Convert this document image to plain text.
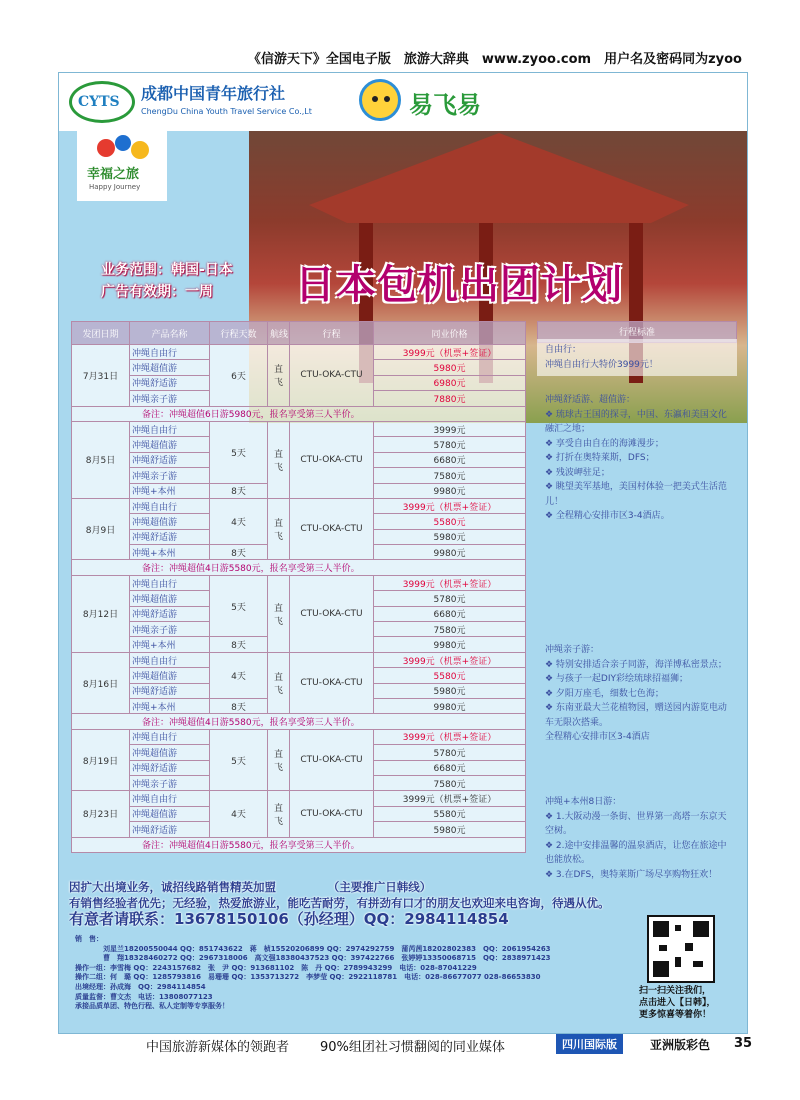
《信游天下》全国电子版　旅游大辞典　www.zyoo.com　用户名及密码同为zyoo
CYTS 成都中国青年旅行社
ChengDu China Youth Travel Service Co.,Lt	易飞易
幸福之旅
Happy Journey
业务范围：韩国-日本
广告有效期：一周	日本包机出团计划
发团日期	产品名称	行程天数	航线	行程	同业价格
7月31日	冲绳自由行	6天	直飞	CTU-OKA-CTU	3999元（机票+签证）
	冲绳超值游				5980元
	冲绳舒适游				6980元
	冲绳亲子游				7880元
备注：冲绳超值6日游5980元，报名享受第三人半价。					
8月5日	冲绳自由行	5天	直飞	CTU-OKA-CTU	3999元
	冲绳超值游				5780元
	冲绳舒适游				6680元
	冲绳亲子游				7580元
	冲绳+本州	8天			9980元
8月9日	冲绳自由行	4天	直飞	CTU-OKA-CTU	3999元（机票+签证）
	冲绳超值游				5580元
	冲绳舒适游				5980元
	冲绳+本州	8天			9980元
备注：冲绳超值4日游5580元，报名享受第三人半价。					
8月12日	冲绳自由行	5天	直飞	CTU-OKA-CTU	3999元（机票+签证）
	冲绳超值游				5780元
	冲绳舒适游				6680元
	冲绳亲子游				7580元
	冲绳+本州	8天			9980元
8月16日	冲绳自由行	4天	直飞	CTU-OKA-CTU	3999元（机票+签证）
	冲绳超值游				5580元
	冲绳舒适游				5980元
	冲绳+本州	8天			9980元
备注：冲绳超值4日游5580元，报名享受第三人半价。					
8月19日	冲绳自由行	5天	直飞	CTU-OKA-CTU	3999元（机票+签证）
	冲绳超值游				5780元
	冲绳舒适游				6680元
	冲绳亲子游				7580元
8月23日	冲绳自由行	4天	直飞	CTU-OKA-CTU	3999元（机票+签证）
	冲绳超值游				5580元
	冲绳舒适游				5980元
备注：冲绳超值4日游5580元，报名享受第三人半价。					
行程标准
自由行：
冲绳自由行大特价3999元！
冲绳舒适游、超值游：
❖ 琉球古王国的探寻，中国、东瀛和美国文化融汇之地；
❖ 享受自由自在的海滩漫步；
❖ 打折在奥特莱斯，DFS；
❖ 残波岬驻足；
❖ 眺望美军基地，美国村体验一把美式生活范儿！
❖ 全程精心安排市区3-4酒店。
冲绳亲子游：
❖ 特别安排适合亲子同游，海洋博私密景点；
❖ 与孩子一起DIY彩绘琉球招福狮；
❖ 夕阳万座毛，细数七色海；
❖ 东南亚最大兰花植物园，赠送园内游览电动车无限次搭乘。
全程精心安排市区3-4酒店
冲绳+本州8日游：
❖ 1.大阪动漫一条街、世界第一高塔一东京天空树。
❖ 2.途中安排温馨的温泉酒店，让您在旅途中也能放松。
❖ 3.在DFS，奥特莱斯广场尽享购物狂欢！
因扩大出境业务，诚招线路销售精英加盟　　　　　（主要推广日韩线）
有销售经验者优先；无经验，热爱旅游业，能吃苦耐劳，有拼劲有口才的朋友也欢迎来电咨询，待遇从优。
有意者请联系：13678150106（孙经理）QQ：2984114854
销　售：
　　　　刘星兰18200550044 QQ：851743622　蒋　桢15520206899 QQ：2974292759　蒲芮茜18202802383　QQ：2061954263
　　　　曹　翔18328460272 QQ：2967318006　高文强18380437523 QQ：397422766　张婷婷13350068715　QQ：2838971423
操作一组：李雪梅 QQ：2243157682　张　尹 QQ：913681102　陈　丹 QQ：2789943299　电话：028-87041229
操作二组：何　璐 QQ：1285793816　易珊珊 QQ：1353713272　李梦莹 QQ：2922118781　电话：028-86677077 028-86653830
出境经理：孙成海　QQ：2984114854
质量监督：曹文杰　电话：13808077123
承接品质单团、特色行程、私人定制等专享服务！
扫一扫关注我们，
点击进入【日韩】，
更多惊喜等着你！
中国旅游新媒体的领跑者 90%组团社习惯翻阅的同业媒体	四川国际版	亚洲版彩色 35
